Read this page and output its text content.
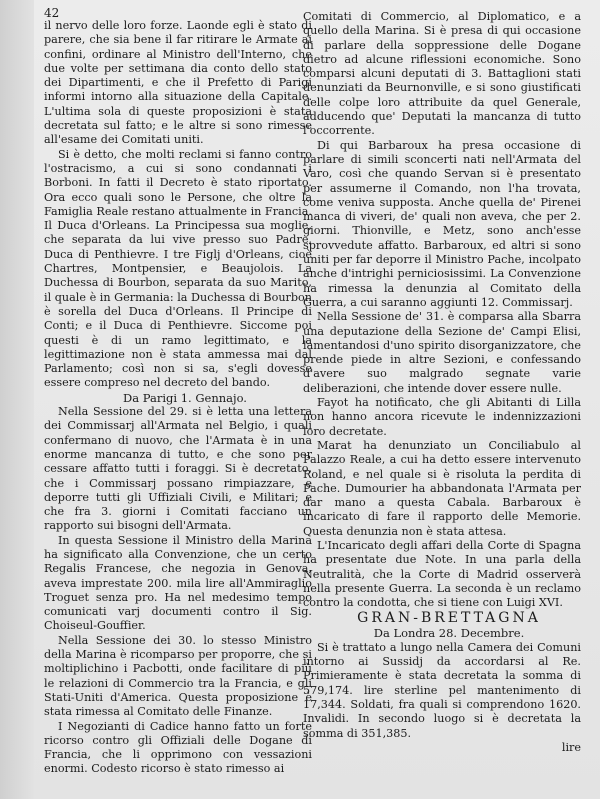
42

il nervo delle loro forze. Laonde egli è stato di parere, che sia bene il far ritirare le Armate ai confini, ordinare al Ministro dell'Interno, che due volte per settimana dia conto dello stato dei Dipartimenti, e che il Prefetto di Parigi informi intorno alla situazione della Capitale. L'ultima sola di queste proposizioni è stata decretata sul fatto; e le altre si sono rimesse all'esame dei Comitati uniti.

Si è detto, che molti reclami si fanno contro l'ostracismo, a cui si sono condannati i Borboni. In fatti il Decreto è stato riportato. Ora ecco quali sono le Persone, che oltre la Famiglia Reale restano attualmente in Francia. Il Duca d'Orleans. La Principessa sua moglie, che separata da lui vive presso suo Padre, Duca di Penthievre. I tre Figlj d'Orleans, cioè Chartres, Montpensier, e Beaujolois. La Duchessa di Bourbon, separata da suo Marito, il quale è in Germania: la Duchessa di Bourbon è sorella del Duca d'Orleans. Il Principe di Conti; e il Duca di Penthievre. Siccome poi questi è di un ramo legittimato, e la legittimazione non è stata ammessa mai dal Parlamento; così non si sa, s'egli dovesse essere compreso nel decreto del bando.

Da Parigi 1. Gennajo.

Nella Sessione del 29. si è letta una lettera dei Commissarj all'Armata nel Belgio, i quali confermano di nuovo, che l'Armata è in una enorme mancanza di tutto, e che sono per cessare affatto tutti i foraggi. Si è decretato, che i Commissarj possano rimpiazzare, e deporre tutti gli Uffiziali Civili, e Militari; e che fra 3. giorni i Comitati facciano un rapporto sui bisogni dell'Armata.

In questa Sessione il Ministro della Marina ha significato alla Convenzione, che un certo Regalis Francese, che negozia in Genova, aveva imprestate 200. mila lire all'Ammiraglio Troguet senza pro. Ha nel medesimo tempo comunicati varj documenti contro il Sig. Choiseul-Gouffier.

Nella Sessione dei 30. lo stesso Ministro della Marina è ricomparso per proporre, che si moltiplichino i Pacbotti, onde facilitare di più le relazioni di Commercio tra la Francia, e gli Stati-Uniti d'America. Questa proposizione è stata rimessa al Comitato delle Finanze.

I Negozianti di Cadice hanno fatto un forte ricorso contro gli Offiziali delle Dogane di Francia, che li opprimono con vessazioni enormi. Codesto ricorso è stato rimesso ai

Comitati di Commercio, al Diplomatico, e a quello della Marina. Si è presa di qui occasione di parlare della soppressione delle Dogane dietro ad alcune riflessioni economiche. Sono comparsi alcuni deputati di 3. Battaglioni stati denunziati da Beurnonville, e si sono giustificati delle colpe loro attribuite da quel Generale, adducendo que' Deputati la mancanza di tutto l'occorrente.

Di qui Barbaroux ha presa occasione di parlare di simili sconcerti nati nell'Armata del Varo, così che quando Servan si è presentato per assumerne il Comando, non l'ha trovata, come veniva supposta. Anche quella de' Pirenei manca di viveri, de' quali non aveva, che per 2. giorni. Thionville, e Metz, sono anch'esse sprovvedute affatto. Barbaroux, ed altri si sono uniti per far deporre il Ministro Pache, incolpato anche d'intrighi perniciosissimi. La Convenzione ha rimessa la denunzia al Comitato della Guerra, a cui saranno aggiunti 12. Commissarj.

Nella Sessione de' 31. è comparsa alla Sbarra una deputazione della Sezione de' Campi Elisi, lamentandosi d'uno spirito disorganizzatore, che prende piede in altre Sezioni, e confessando d'avere suo malgrado segnate varie deliberazioni, che intende dover essere nulle.

Fayot ha notificato, che gli Abitanti di Lilla non hanno ancora ricevute le indennizzazioni loro decretate.

Marat ha denunziato un Conciliabulo al Palazzo Reale, a cui ha detto essere intervenuto Roland, e nel quale si è risoluta la perdita di Pache. Dumourier ha abbandonata l'Armata per dar mano a questa Cabala. Barbaroux è incaricato di fare il rapporto delle Memorie. Questa denunzia non è stata attesa.

L'Incaricato degli affari della Corte di Spagna ha presentate due Note. In una parla della Neutralità, che la Corte di Madrid osserverà nella presente Guerra. La seconda è un reclamo contro la condotta, che si tiene con Luigi XVI.

GRAN-BRETTAGNA

Da Londra 28. Decembre.

Si è trattato a lungo nella Camera dei Comuni intorno ai Sussidj da accordarsi al Re. Primieramente è stata decretata la somma di 579,174. lire sterline pel mantenimento di 17,344. Soldati, fra quali si comprendono 1620. Invalidi. In secondo luogo si è decretata la somma di 351,385.

lire
